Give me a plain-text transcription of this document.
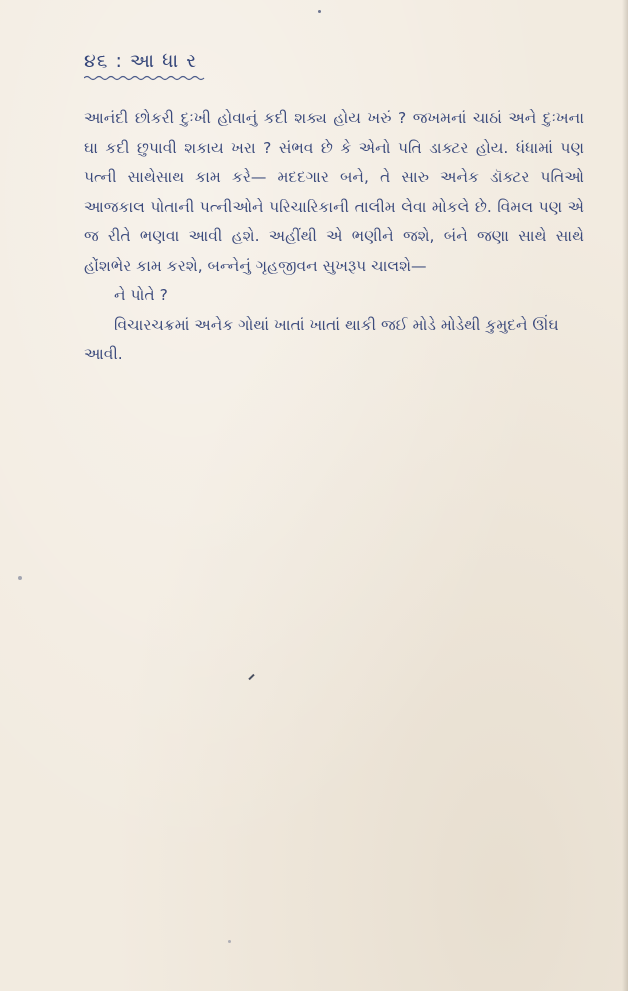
૪૬ : આ ધા ર

આનંદી છોકરી દુઃખી હોવાનું કદી શક્ય હોય ખરું ? જખમનાં ચાઠાં અને દુઃખના ઘા કદી છુપાવી શકાય ખરા ? સંભવ છે કે એનો પતિ ડાક્ટર હોય. ધંધામાં પણ પત્ની સાથેસાથ કામ કરે— મદદગાર બને, તે સારુ અનેક ડૉક્ટર પતિઓ આજકાલ પોતાની પત્નીઓને પરિચારિકાની તાલીમ લેવા મોકલે છે. વિમલ પણ એ જ રીતે ભણવા આવી હશે. અહીંથી એ ભણીને જશે, બંને જણા સાથે સાથે હોંશભેર કામ કરશે, બન્નેનું ગૃહજીવન સુખરૂપ ચાલશે—

ને પોતે ?

વિચારચક્રમાં અનેક ગોથાં ખાતાં ખાતાં થાકી જઈ મોડે મોડેથી કુમુદને ઊંઘ આવી.
